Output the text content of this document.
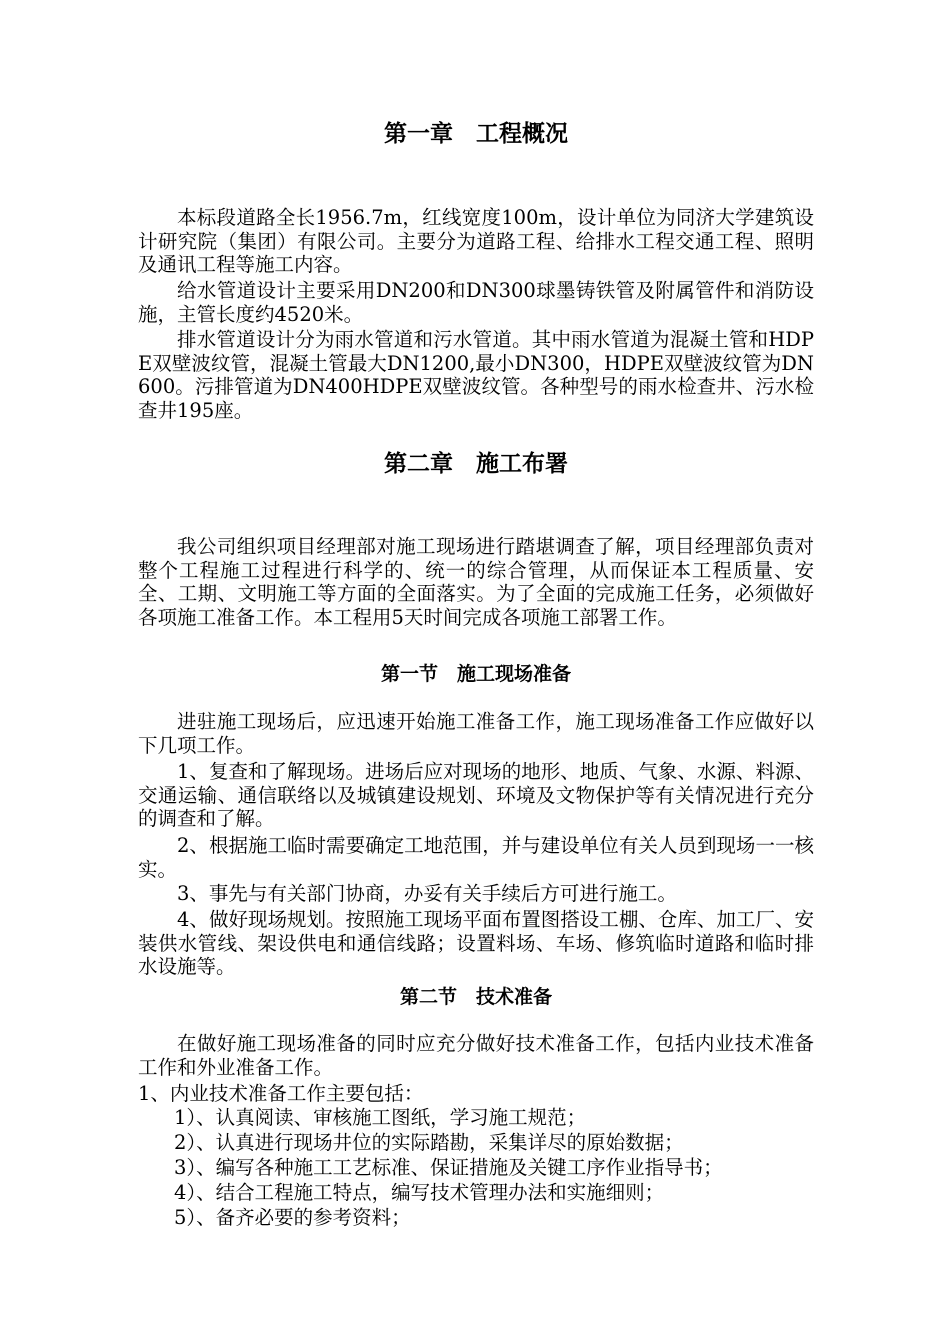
第一章　工程概况

本标段道路全长1956.7m，红线宽度100m，设计单位为同济大学建筑设计研究院（集团）有限公司。主要分为道路工程、给排水工程交通工程、照明及通讯工程等施工内容。

给水管道设计主要采用DN200和DN300球墨铸铁管及附属管件和消防设施，主管长度约4520米。

排水管道设计分为雨水管道和污水管道。其中雨水管道为混凝土管和HDPE双壁波纹管，混凝土管最大DN1200,最小DN300，HDPE双壁波纹管为DN600。污排管道为DN400HDPE双壁波纹管。各种型号的雨水检查井、污水检查井195座。

第二章　施工布署

我公司组织项目经理部对施工现场进行踏堪调查了解，项目经理部负责对整个工程施工过程进行科学的、统一的综合管理，从而保证本工程质量、安全、工期、文明施工等方面的全面落实。为了全面的完成施工任务，必须做好各项施工准备工作。本工程用5天时间完成各项施工部署工作。

第一节　施工现场准备

进驻施工现场后，应迅速开始施工准备工作，施工现场准备工作应做好以下几项工作。

1、复查和了解现场。进场后应对现场的地形、地质、气象、水源、料源、交通运输、通信联络以及城镇建设规划、环境及文物保护等有关情况进行充分的调查和了解。

2、根据施工临时需要确定工地范围，并与建设单位有关人员到现场一一核实。

3、事先与有关部门协商，办妥有关手续后方可进行施工。

4、做好现场规划。按照施工现场平面布置图搭设工棚、仓库、加工厂、安装供水管线、架设供电和通信线路；设置料场、车场、修筑临时道路和临时排水设施等。

第二节　技术准备

在做好施工现场准备的同时应充分做好技术准备工作，包括内业技术准备工作和外业准备工作。

1、内业技术准备工作主要包括：

1）、认真阅读、审核施工图纸，学习施工规范；

2）、认真进行现场井位的实际踏勘，采集详尽的原始数据；

3）、编写各种施工工艺标准、保证措施及关键工序作业指导书；

4）、结合工程施工特点，编写技术管理办法和实施细则；

5）、备齐必要的参考资料；
